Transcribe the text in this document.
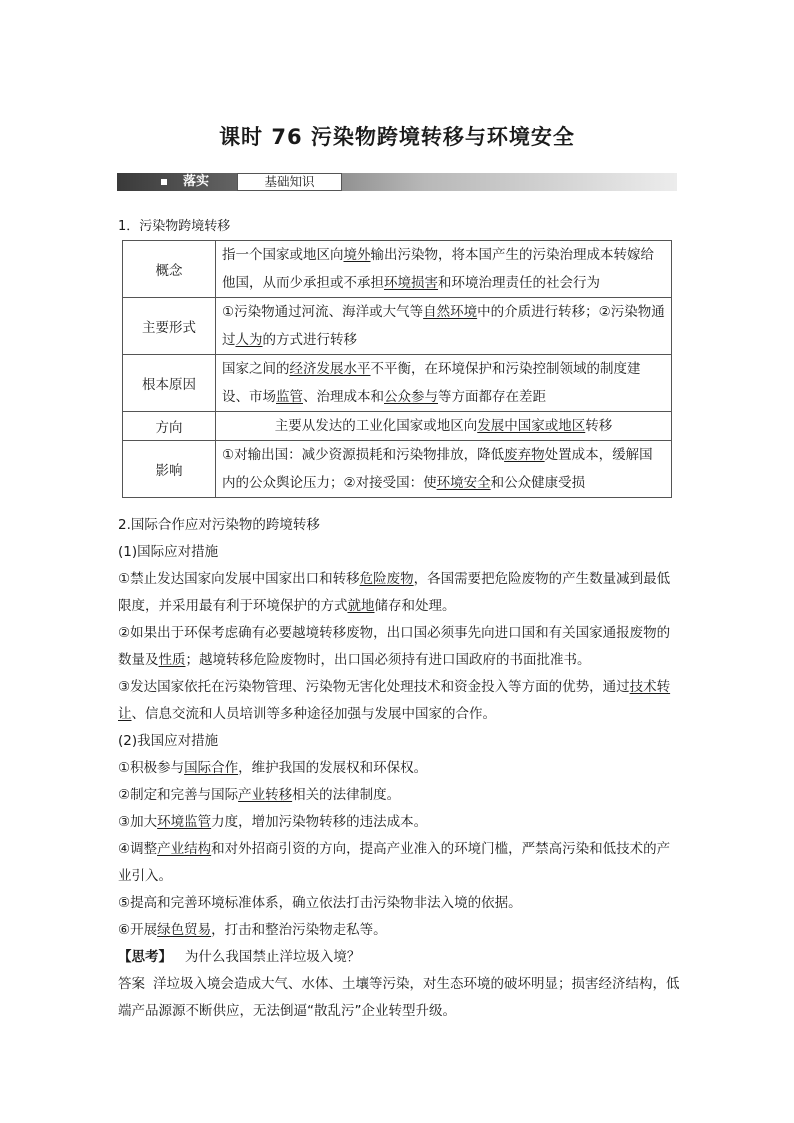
课时 76 污染物跨境转移与环境安全
落实	基础知识
1．污染物跨境转移
概念	指一个国家或地区向境外输出污染物，将本国产生的污染治理成本转嫁给他国，从而少承担或不承担环境损害和环境治理责任的社会行为
主要形式	①污染物通过河流、海洋或大气等自然环境中的介质进行转移；②污染物通过人为的方式进行转移
根本原因	国家之间的经济发展水平不平衡，在环境保护和污染控制领域的制度建设、市场监管、治理成本和公众参与等方面都存在差距
方向	主要从发达的工业化国家或地区向发展中国家或地区转移
影响	①对输出国：减少资源损耗和污染物排放，降低废弃物处置成本，缓解国内的公众舆论压力；②对接受国：使环境安全和公众健康受损

2.国际合作应对污染物的跨境转移

(1)国际应对措施

①禁止发达国家向发展中国家出口和转移危险废物，各国需要把危险废物的产生数量减到最低限度，并采用最有利于环境保护的方式就地储存和处理。

②如果出于环保考虑确有必要越境转移废物，出口国必须事先向进口国和有关国家通报废物的数量及性质；越境转移危险废物时，出口国必须持有进口国政府的书面批准书。

③发达国家依托在污染物管理、污染物无害化处理技术和资金投入等方面的优势，通过技术转让、信息交流和人员培训等多种途径加强与发展中国家的合作。

(2)我国应对措施

①积极参与国际合作，维护我国的发展权和环保权。

②制定和完善与国际产业转移相关的法律制度。

③加大环境监管力度，增加污染物转移的违法成本。

④调整产业结构和对外招商引资的方向，提高产业准入的环境门槛，严禁高污染和低技术的产业引入。

⑤提高和完善环境标准体系，确立依法打击污染物非法入境的依据。

⑥开展绿色贸易，打击和整治污染物走私等。

【思考】 为什么我国禁止洋垃圾入境？

答案 洋垃圾入境会造成大气、水体、土壤等污染，对生态环境的破坏明显；损害经济结构，低端产品源源不断供应，无法倒逼“散乱污”企业转型升级。
